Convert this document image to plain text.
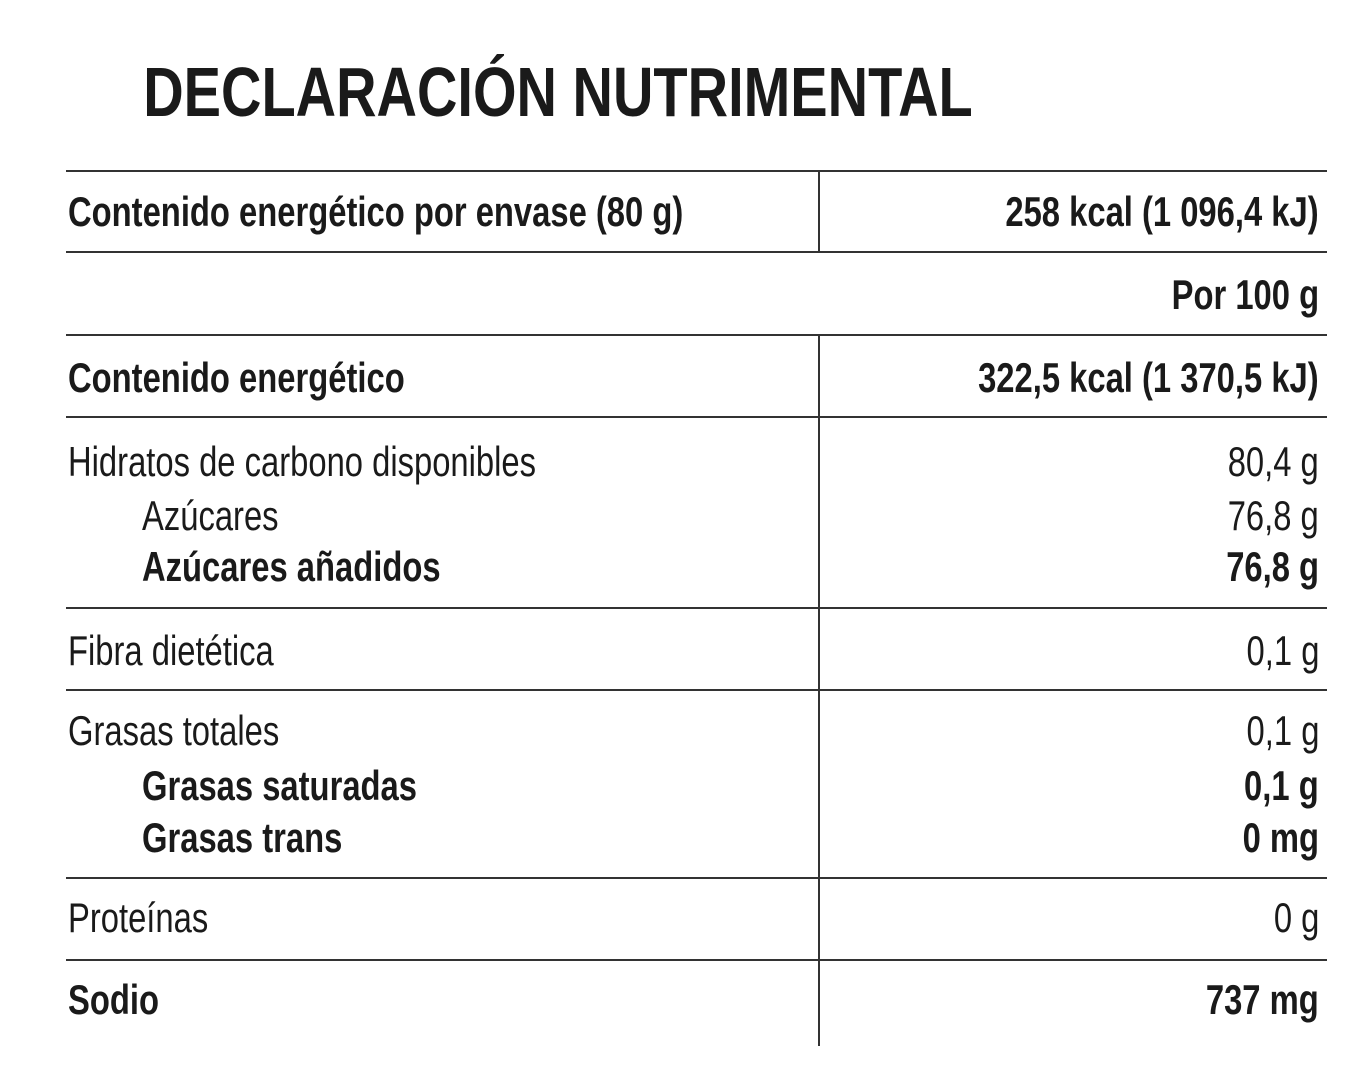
DECLARACIÓN NUTRIMENTAL
Contenido energético por envase (80 g)	258 kcal (1 096,4 kJ)
Por 100 g
Contenido energético	322,5 kcal (1 370,5 kJ)
Hidratos de carbono disponibles	80,4 g
Azúcares	76,8 g
Azúcares añadidos	76,8 g
Fibra dietética	0,1 g
Grasas totales	0,1 g
Grasas saturadas	0,1 g
Grasas trans	0 mg
Proteínas	0 g
Sodio	737 mg
